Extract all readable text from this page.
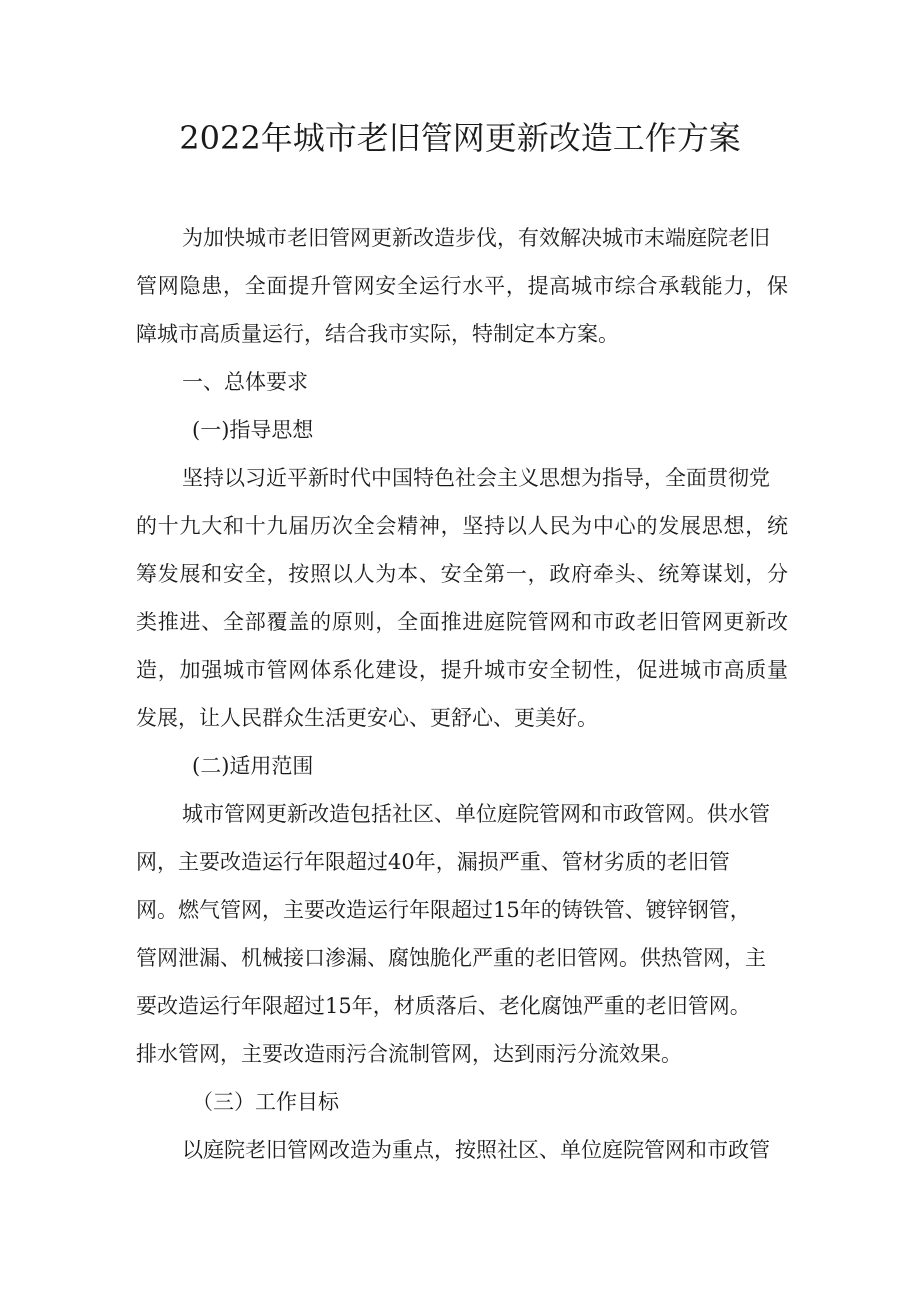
2022年城市老旧管网更新改造工作方案
为加快城市老旧管网更新改造步伐，有效解决城市末端庭院老旧
管网隐患，全面提升管网安全运行水平，提高城市综合承载能力，保
障城市高质量运行，结合我市实际，特制定本方案。
一、总体要求
(一)指导思想
坚持以习近平新时代中国特色社会主义思想为指导，全面贯彻党
的十九大和十九届历次全会精神，坚持以人民为中心的发展思想，统
筹发展和安全，按照以人为本、安全第一，政府牵头、统筹谋划，分
类推进、全部覆盖的原则，全面推进庭院管网和市政老旧管网更新改
造，加强城市管网体系化建设，提升城市安全韧性，促进城市高质量
发展，让人民群众生活更安心、更舒心、更美好。
(二)适用范围
城市管网更新改造包括社区、单位庭院管网和市政管网。供水管
网，主要改造运行年限超过40年，漏损严重、管材劣质的老旧管
网。燃气管网，主要改造运行年限超过15年的铸铁管、镀锌钢管，
管网泄漏、机械接口渗漏、腐蚀脆化严重的老旧管网。供热管网，主
要改造运行年限超过15年，材质落后、老化腐蚀严重的老旧管网。
排水管网，主要改造雨污合流制管网，达到雨污分流效果。
（三）工作目标
以庭院老旧管网改造为重点，按照社区、单位庭院管网和市政管
